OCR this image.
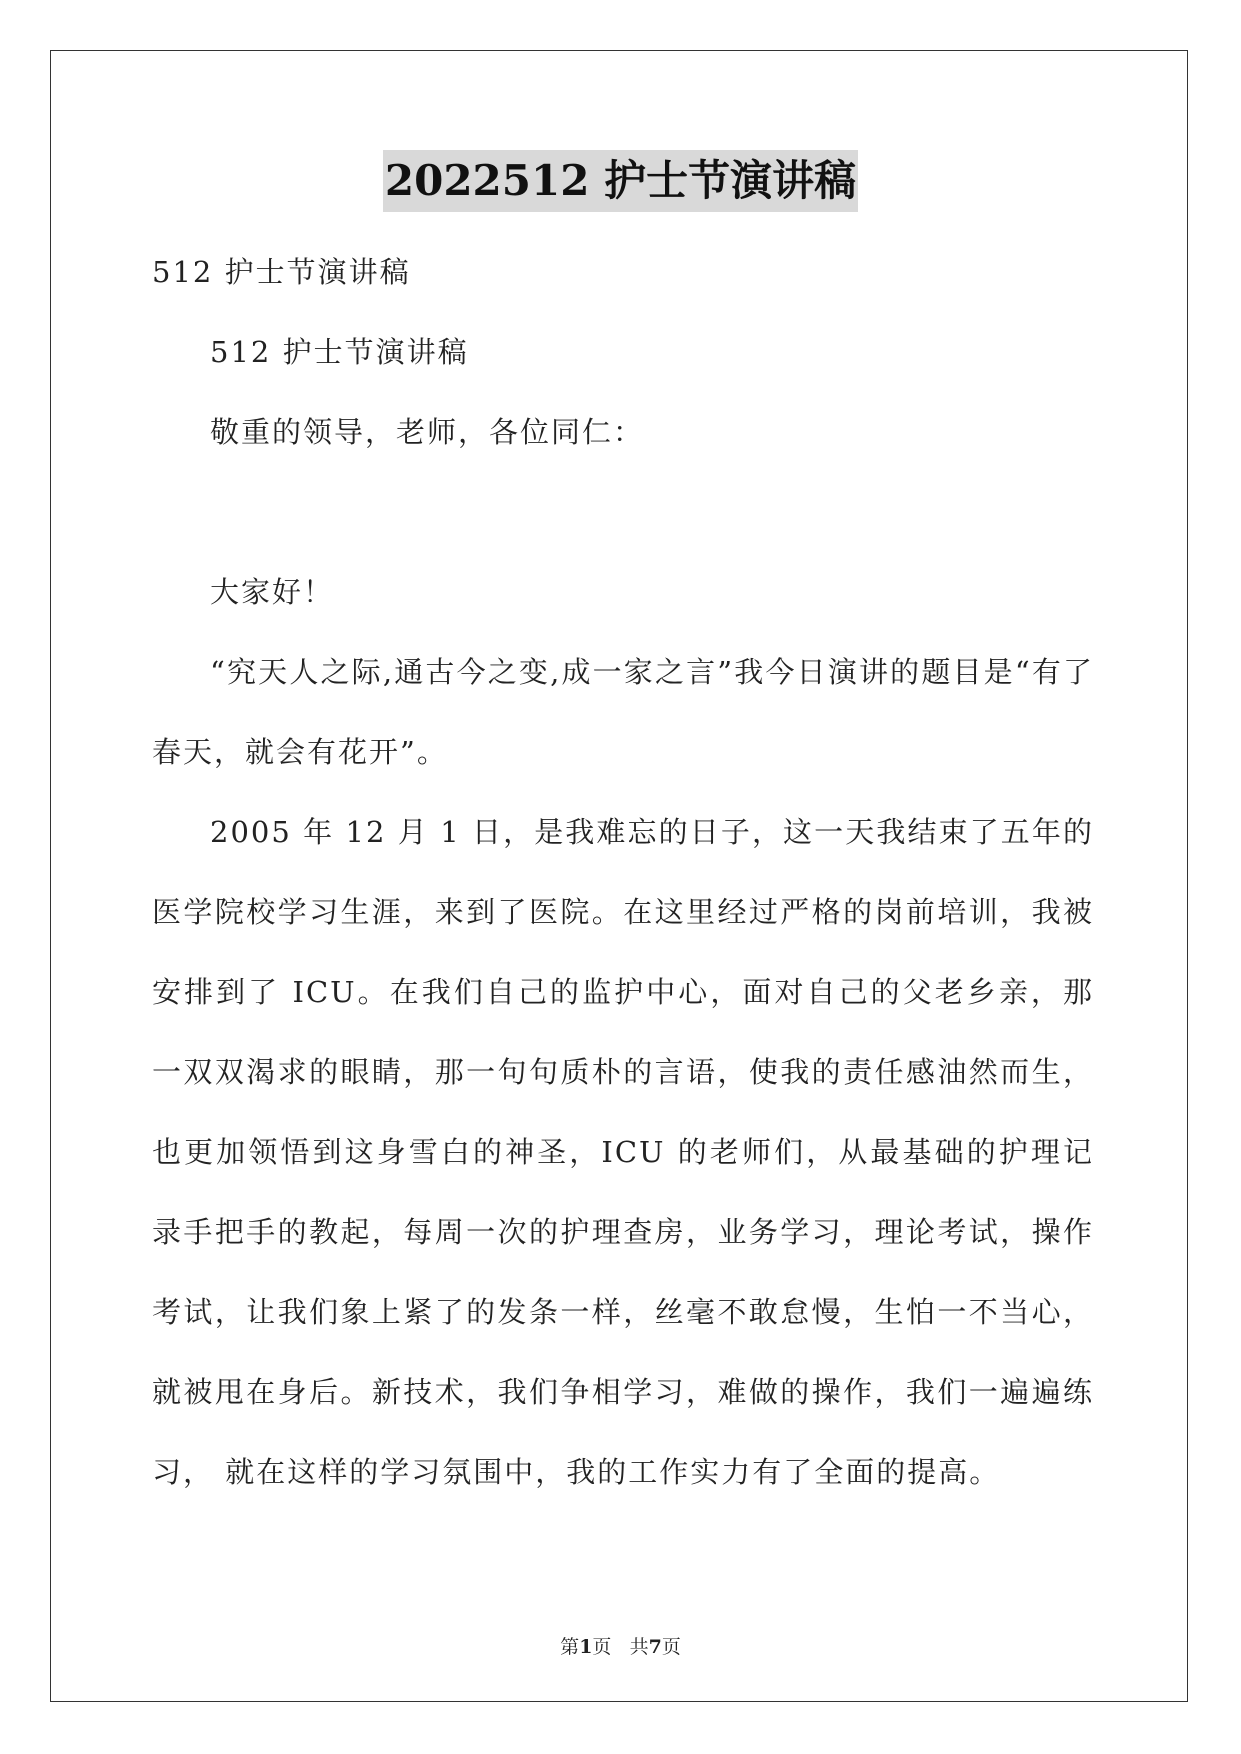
2022512 护士节演讲稿

512 护士节演讲稿

512 护士节演讲稿

敬重的领导，老师，各位同仁：

大家好！

“究天人之际,通古今之变,成一家之言”我今日演讲的题目是“有了春天，就会有花开”。

2005 年 12 月 1 日，是我难忘的日子，这一天我结束了五年的医学院校学习生涯，来到了医院。在这里经过严格的岗前培训，我被安排到了 ICU。在我们自己的监护中心，面对自己的父老乡亲，那一双双渴求的眼睛，那一句句质朴的言语，使我的责任感油然而生，也更加领悟到这身雪白的神圣，ICU 的老师们，从最基础的护理记录手把手的教起，每周一次的护理查房，业务学习，理论考试，操作考试，让我们象上紧了的发条一样，丝毫不敢怠慢，生怕一不当心，就被甩在身后。新技术，我们争相学习，难做的操作，我们一遍遍练习， 就在这样的学习氛围中，我的工作实力有了全面的提高。

第1页 共7页
